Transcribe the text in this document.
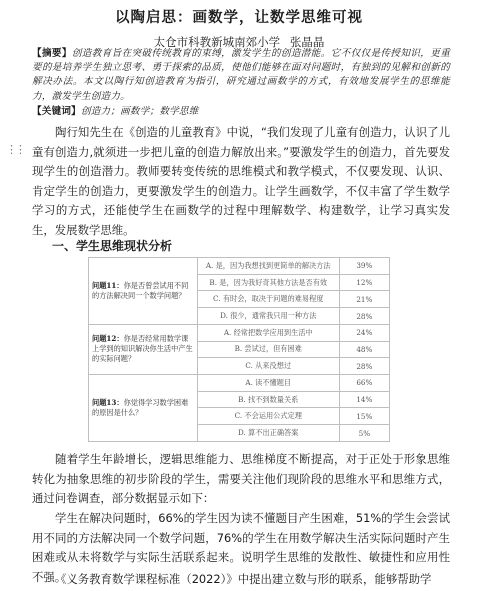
以陶启思：画数学，让数学思维可视
太仓市科教新城南郊小学 张晶晶
【摘要】创造教育旨在突破传统教育的束缚，激发学生的创造潜能。它不仅仅是传授知识，更重要的是培养学生独立思考、勇于探索的品质，使他们能够在面对问题时，有独到的见解和创新的解决办法。本文以陶行知创造教育为指引，研究通过画数学的方式，有效地发展学生的思维能力，激发学生创造力。
【关键词】创造力；画数学；数学思维
⋮⋮
陶行知先生在《创造的儿童教育》中说，“我们发现了儿童有创造力，认识了儿童有创造力,就须进一步把儿童的创造力解放出来。”要激发学生的创造力，首先要发现学生的创造潜力。教师要转变传统的思维模式和教学模式，不仅要发现、认识、肯定学生的创造力，更要激发学生的创造力。让学生画数学，不仅丰富了学生数学学习的方式，还能使学生在画数学的过程中理解数学、构建数学，让学习真实发生，发展数学思维。
一、学生思维现状分析
问题11：你是否曾尝试用不同的方法解决同一个数学问题？	A. 是，因为我想找到更简单的解决方法	39%
	B. 是，因为我好奇其他方法是否有效	12%
	C. 有时会，取决于问题的难易程度	21%
	D. 很少，通常我只用一种方法	28%
问题12：你是否经常用数学课上学到的知识解决你生活中产生的实际问题？	A. 经常把数学应用到生活中	24%
	B. 尝试过，但有困难	48%
	C. 从来没想过	28%
问题13：你觉得学习数学困难的原因是什么？	A. 读不懂题目	66%
	B. 找不到数量关系	14%
	C. 不会运用公式定理	15%
	D. 算不出正确答案	5%
随着学生年龄增长，逻辑思维能力、思维梯度不断提高，对于正处于形象思维转化为抽象思维的初步阶段的学生，需要关注他们现阶段的思维水平和思维方式，通过问卷调查，部分数据显示如下：
学生在解决问题时，66%的学生因为读不懂题目产生困难，51%的学生会尝试用不同的方法解决同一个数学问题，76%的学生在用数学解决生活实际问题时产生困难或从未将数学与实际生活联系起来。说明学生思维的发散性、敏捷性和应用性不强。
《义务教育数学课程标准（2022）》中提出建立数与形的联系，能够帮助学
